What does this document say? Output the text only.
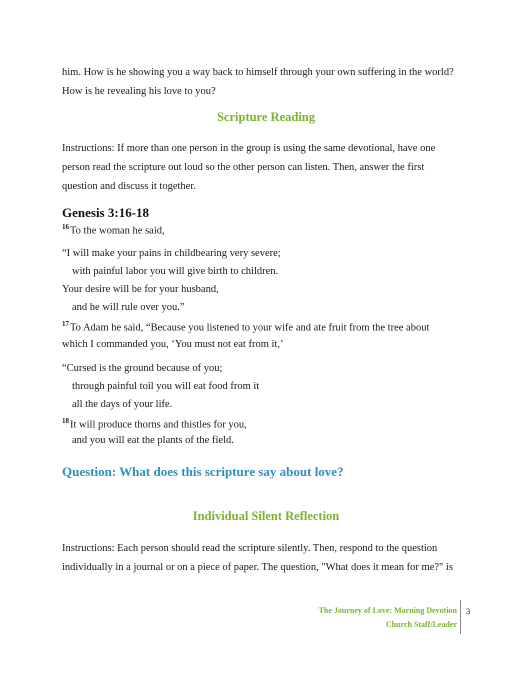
him. How is he showing you a way back to himself through your own suffering in the world?
How is he revealing his love to you?
Scripture Reading
Instructions: If more than one person in the group is using the same devotional, have one
person read the scripture out loud so the other person can listen. Then, answer the first
question and discuss it together.
Genesis 3:16-18
$^{16}$To the woman he said,
“I will make your pains in childbearing very severe;
with painful labor you will give birth to children.
Your desire will be for your husband,
and he will rule over you.”
$^{17}$To Adam he said, “Because you listened to your wife and ate fruit from the tree about
which I commanded you, ‘You must not eat from it,’
“Cursed is the ground because of you;
through painful toil you will eat food from it
all the days of your life.
$^{18}$It will produce thorns and thistles for you,
and you will eat the plants of the field.
Question: What does this scripture say about love?
Individual Silent Reflection
Instructions: Each person should read the scripture silently. Then, respond to the question
individually in a journal or on a piece of paper. The question, "What does it mean for me?" is
The Journey of Love: Morning Devotion
Church Staff/Leader
3
